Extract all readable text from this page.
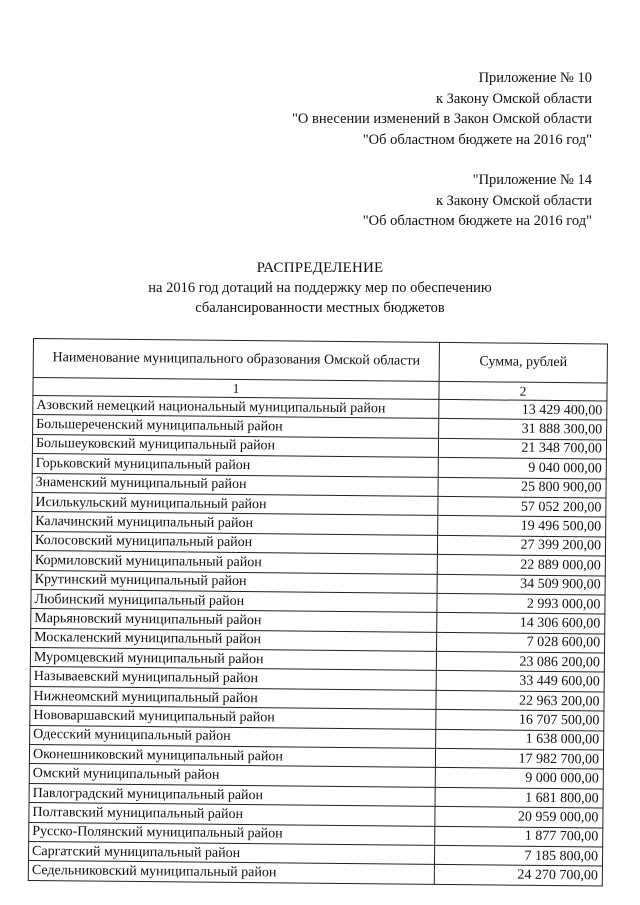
Приложение № 10
к Закону Омской области
"О внесении изменений в Закон Омской области
"Об областном бюджете на 2016 год"
"Приложение № 14
к Закону Омской области
"Об областном бюджете на 2016 год"
РАСПРЕДЕЛЕНИЕ
на 2016 год дотаций на поддержку мер по обеспечению
сбалансированности местных бюджетов
Наименование муниципального образования Омской области	Сумма, рублей
1	2
Азовский немецкий национальный муниципальный район	13 429 400,00
Большереченский муниципальный район	31 888 300,00
Большеуковский муниципальный район	21 348 700,00
Горьковский муниципальный район	9 040 000,00
Знаменский муниципальный район	25 800 900,00
Исилькульский муниципальный район	57 052 200,00
Калачинский муниципальный район	19 496 500,00
Колосовский муниципальный район	27 399 200,00
Кормиловский муниципальный район	22 889 000,00
Крутинский муниципальный район	34 509 900,00
Любинский муниципальный район	2 993 000,00
Марьяновский муниципальный район	14 306 600,00
Москаленский муниципальный район	7 028 600,00
Муромцевский муниципальный район	23 086 200,00
Называевский муниципальный район	33 449 600,00
Нижнеомский муниципальный район	22 963 200,00
Нововаршавский муниципальный район	16 707 500,00
Одесский муниципальный район	1 638 000,00
Оконешниковский муниципальный район	17 982 700,00
Омский муниципальный район	9 000 000,00
Павлоградский муниципальный район	1 681 800,00
Полтавский муниципальный район	20 959 000,00
Русско-Полянский муниципальный район	1 877 700,00
Саргатский муниципальный район	7 185 800,00
Седельниковский муниципальный район	24 270 700,00
